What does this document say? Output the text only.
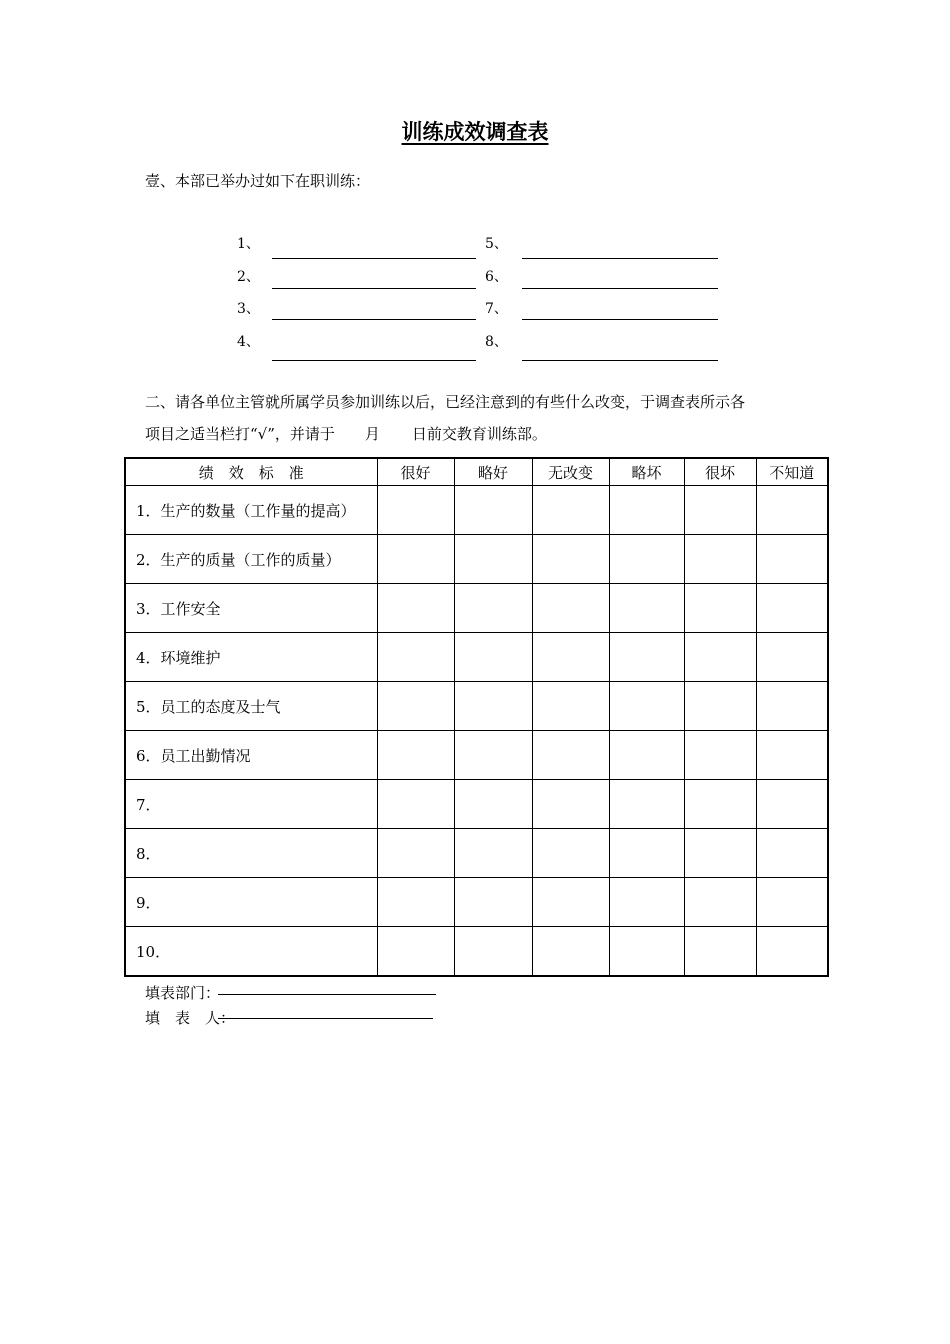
训练成效调查表
壹、本部已举办过如下在职训练：
1、
2、
3、
4、
5、
6、
7、
8、
二、请各单位主管就所属学员参加训练以后，已经注意到的有些什么改变，于调查表所示各
项目之适当栏打“√”，并请于 月 日前交教育训练部。
绩　效　标　准	很好	略好	无改变	略坏	很坏	不知道
1．生产的数量（工作量的提高）						
2．生产的质量（工作的质量）						
3．工作安全						
4．环境维护						
5．员工的态度及士气						
6．员工出勤情况						
7．						
8．						
9．						
10．						
填表部门：
填　表　人：
